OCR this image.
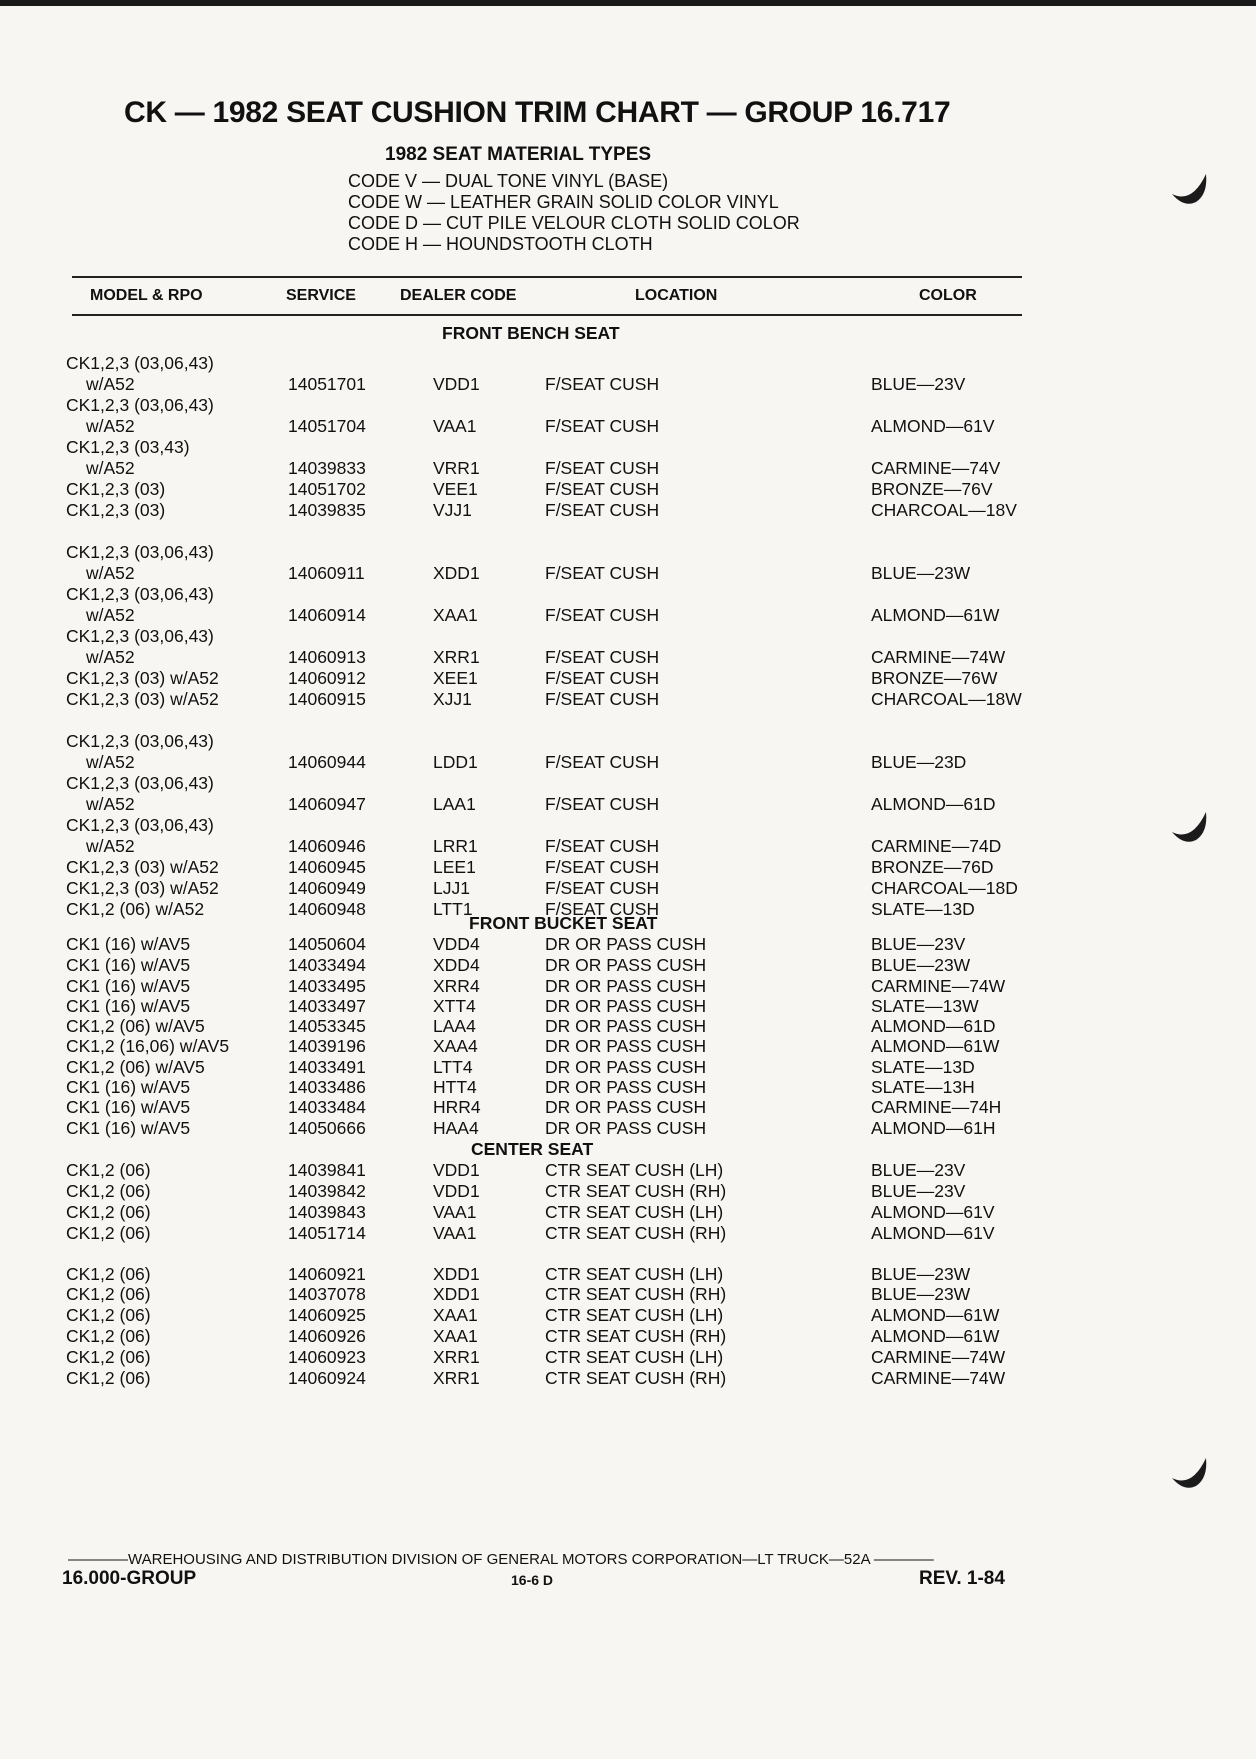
CK — 1982 SEAT CUSHION TRIM CHART — GROUP 16.717
1982 SEAT MATERIAL TYPES
CODE V — DUAL TONE VINYL (BASE)
CODE W — LEATHER GRAIN SOLID COLOR VINYL
CODE D — CUT PILE VELOUR CLOTH SOLID COLOR
CODE H — HOUNDSTOOTH CLOTH
MODEL & RPO	SERVICE	DEALER CODE	LOCATION	COLOR
FRONT BENCH SEAT
FRONT BUCKET SEAT
CENTER SEAT
CK1,2,3 (03,06,43)
w/A52	14051701	VDD1	F/SEAT CUSH	BLUE—23V
CK1,2,3 (03,06,43)
w/A52	14051704	VAA1	F/SEAT CUSH	ALMOND—61V
CK1,2,3 (03,43)
w/A52	14039833	VRR1	F/SEAT CUSH	CARMINE—74V
CK1,2,3 (03)	14051702	VEE1	F/SEAT CUSH	BRONZE—76V
CK1,2,3 (03)	14039835	VJJ1	F/SEAT CUSH	CHARCOAL—18V
CK1,2,3 (03,06,43)
w/A52	14060911	XDD1	F/SEAT CUSH	BLUE—23W
CK1,2,3 (03,06,43)
w/A52	14060914	XAA1	F/SEAT CUSH	ALMOND—61W
CK1,2,3 (03,06,43)
w/A52	14060913	XRR1	F/SEAT CUSH	CARMINE—74W
CK1,2,3 (03) w/A52	14060912	XEE1	F/SEAT CUSH	BRONZE—76W
CK1,2,3 (03) w/A52	14060915	XJJ1	F/SEAT CUSH	CHARCOAL—18W
CK1,2,3 (03,06,43)
w/A52	14060944	LDD1	F/SEAT CUSH	BLUE—23D
CK1,2,3 (03,06,43)
w/A52	14060947	LAA1	F/SEAT CUSH	ALMOND—61D
CK1,2,3 (03,06,43)
w/A52	14060946	LRR1	F/SEAT CUSH	CARMINE—74D
CK1,2,3 (03) w/A52	14060945	LEE1	F/SEAT CUSH	BRONZE—76D
CK1,2,3 (03) w/A52	14060949	LJJ1	F/SEAT CUSH	CHARCOAL—18D
CK1,2 (06) w/A52	14060948	LTT1	F/SEAT CUSH	SLATE—13D
CK1 (16) w/AV5	14050604	VDD4	DR OR PASS CUSH	BLUE—23V
CK1 (16) w/AV5	14033494	XDD4	DR OR PASS CUSH	BLUE—23W
CK1 (16) w/AV5	14033495	XRR4	DR OR PASS CUSH	CARMINE—74W
CK1 (16) w/AV5	14033497	XTT4	DR OR PASS CUSH	SLATE—13W
CK1,2 (06) w/AV5	14053345	LAA4	DR OR PASS CUSH	ALMOND—61D
CK1,2 (16,06) w/AV5	14039196	XAA4	DR OR PASS CUSH	ALMOND—61W
CK1,2 (06) w/AV5	14033491	LTT4	DR OR PASS CUSH	SLATE—13D
CK1 (16) w/AV5	14033486	HTT4	DR OR PASS CUSH	SLATE—13H
CK1 (16) w/AV5	14033484	HRR4	DR OR PASS CUSH	CARMINE—74H
CK1 (16) w/AV5	14050666	HAA4	DR OR PASS CUSH	ALMOND—61H
CK1,2 (06)	14039841	VDD1	CTR SEAT CUSH (LH)	BLUE—23V
CK1,2 (06)	14039842	VDD1	CTR SEAT CUSH (RH)	BLUE—23V
CK1,2 (06)	14039843	VAA1	CTR SEAT CUSH (LH)	ALMOND—61V
CK1,2 (06)	14051714	VAA1	CTR SEAT CUSH (RH)	ALMOND—61V
CK1,2 (06)	14060921	XDD1	CTR SEAT CUSH (LH)	BLUE—23W
CK1,2 (06)	14037078	XDD1	CTR SEAT CUSH (RH)	BLUE—23W
CK1,2 (06)	14060925	XAA1	CTR SEAT CUSH (LH)	ALMOND—61W
CK1,2 (06)	14060926	XAA1	CTR SEAT CUSH (RH)	ALMOND—61W
CK1,2 (06)	14060923	XRR1	CTR SEAT CUSH (LH)	CARMINE—74W
CK1,2 (06)	14060924	XRR1	CTR SEAT CUSH (RH)	CARMINE—74W
————WAREHOUSING AND DISTRIBUTION DIVISION OF GENERAL MOTORS CORPORATION—LT TRUCK—52A ————
16.000-GROUP	16-6 D	REV. 1-84
